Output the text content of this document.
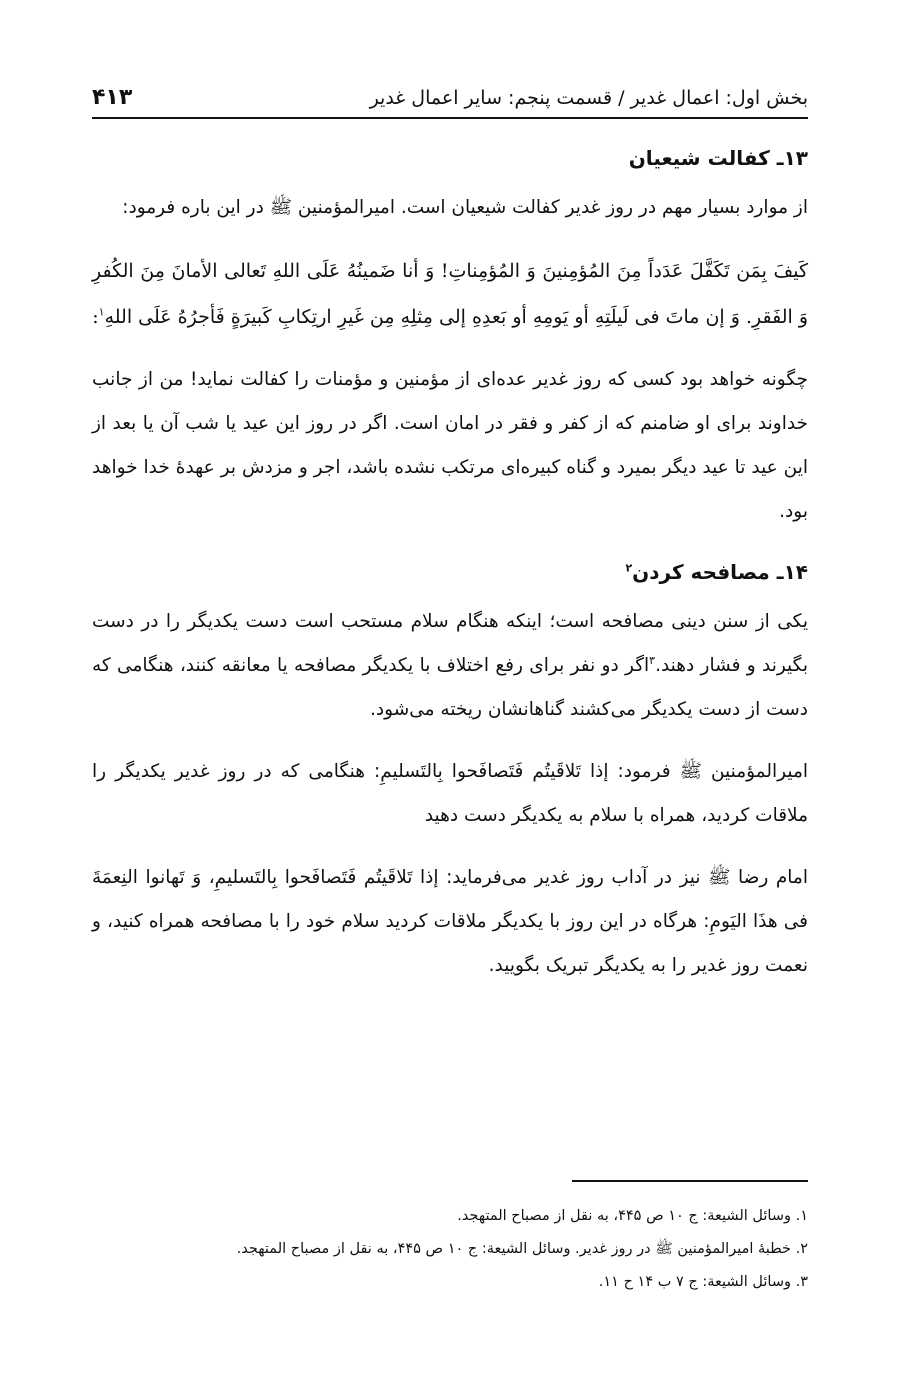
بخش اول: اعمال غدیر / قسمت پنجم: سایر اعمال غدیر
۴۱۳
۱۳ـ کفالت شیعیان

از موارد بسیار مهم در روز غدیر کفالت شیعیان است. امیرالمؤمنین ﷺ در این باره فرمود:

کَیفَ بِمَن تَکَفَّلَ عَدَداً مِنَ المُؤمِنینَ وَ المُؤمِناتِ! وَ أنا ضَمینُهُ عَلَی اللهِ تَعالی الأمانَ مِنَ الکُفرِ وَ الفَقرِ. وَ إن ماتَ فی لَیلَتِهِ أو یَومِهِ أو بَعدِهِ إلی مِثلِهِ مِن غَیرِ ارتِکابِ کَبیرَةٍ فَأجرُهُ عَلَی اللهِ$^۱$:

چگونه خواهد بود کسی که روز غدیر عده‌ای از مؤمنین و مؤمنات را کفالت نماید! من از جانب خداوند برای او ضامنم که از کفر و فقر در امان است. اگر در روز این عید یا شب آن یا بعد از این عید تا عید دیگر بمیرد و گناه کبیره‌ای مرتکب نشده باشد، اجر و مزدش بر عهدهٔ خدا خواهد بود.

۱۴ـ مصافحه کردن$^۲$

یکی از سنن دینی مصافحه است؛ اینکه هنگام سلام مستحب است دست یکدیگر را در دست بگیرند و فشار دهند.$^۳$اگر دو نفر برای رفع اختلاف با یکدیگر مصافحه یا معانقه کنند، هنگامی که دست از دست یکدیگر می‌کشند گناهانشان ریخته می‌شود.

امیرالمؤمنین ﷺ فرمود: إذا تَلاقَیتُم فَتَصافَحوا بِالتَسلیمِ: هنگامی که در روز غدیر یکدیگر را ملاقات کردید، همراه با سلام به یکدیگر دست دهید

امام رضا ﷺ نیز در آداب روز غدیر می‌فرماید: إذا تَلاقَیتُم فَتَصافَحوا بِالتَسلیمِ، وَ تَهانوا النِعمَةَ فی هذَا الیَومِ: هرگاه در این روز با یکدیگر ملاقات کردید سلام خود را با مصافحه همراه کنید، و نعمت روز غدیر را به یکدیگر تبریک بگویید.

۱. وسائل الشیعة: ج ۱۰ ص ۴۴۵، به نقل از مصباح المتهجد.

۲. خطبهٔ امیرالمؤمنین ﷺ در روز غدیر. وسائل الشیعة: ج ۱۰ ص ۴۴۵، به نقل از مصباح المتهجد.

۳. وسائل الشیعة: ج ۷ ب ۱۴ ح ۱۱.
